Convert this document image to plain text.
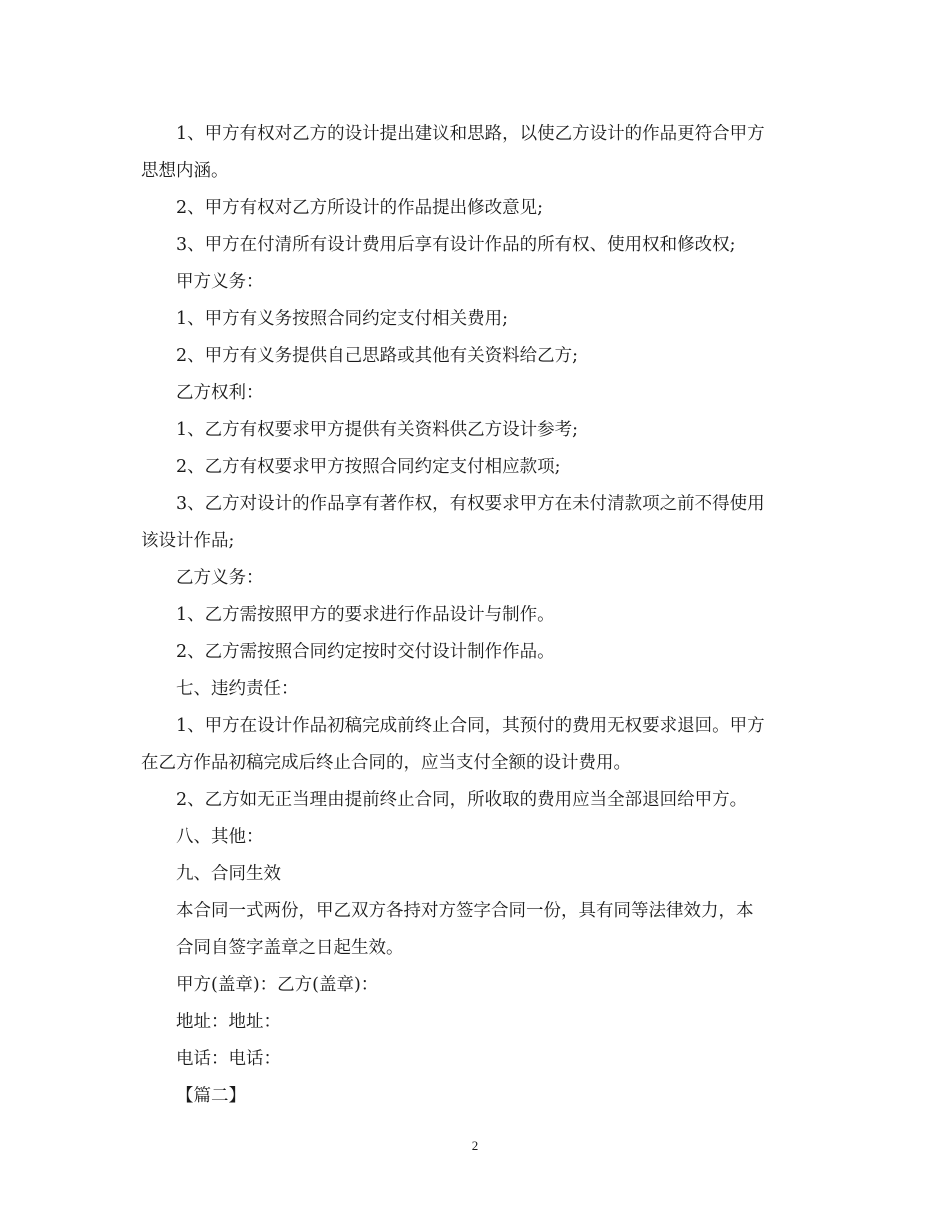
1、甲方有权对乙方的设计提出建议和思路，以使乙方设计的作品更符合甲方
思想内涵。

2、甲方有权对乙方所设计的作品提出修改意见;

3、甲方在付清所有设计费用后享有设计作品的所有权、使用权和修改权;

甲方义务：

1、甲方有义务按照合同约定支付相关费用;

2、甲方有义务提供自己思路或其他有关资料给乙方;

乙方权利：

1、乙方有权要求甲方提供有关资料供乙方设计参考;

2、乙方有权要求甲方按照合同约定支付相应款项;

3、乙方对设计的作品享有著作权，有权要求甲方在未付清款项之前不得使用
该设计作品;

乙方义务：

1、乙方需按照甲方的要求进行作品设计与制作。

2、乙方需按照合同约定按时交付设计制作作品。

七、违约责任：

1、甲方在设计作品初稿完成前终止合同，其预付的费用无权要求退回。甲方
在乙方作品初稿完成后终止合同的，应当支付全额的设计费用。

2、乙方如无正当理由提前终止合同，所收取的费用应当全部退回给甲方。

八、其他：

九、合同生效

本合同一式两份，甲乙双方各持对方签字合同一份，具有同等法律效力，本
合同自签字盖章之日起生效。

甲方(盖章)：乙方(盖章)：

地址：地址：

电话：电话：

【篇二】

2
